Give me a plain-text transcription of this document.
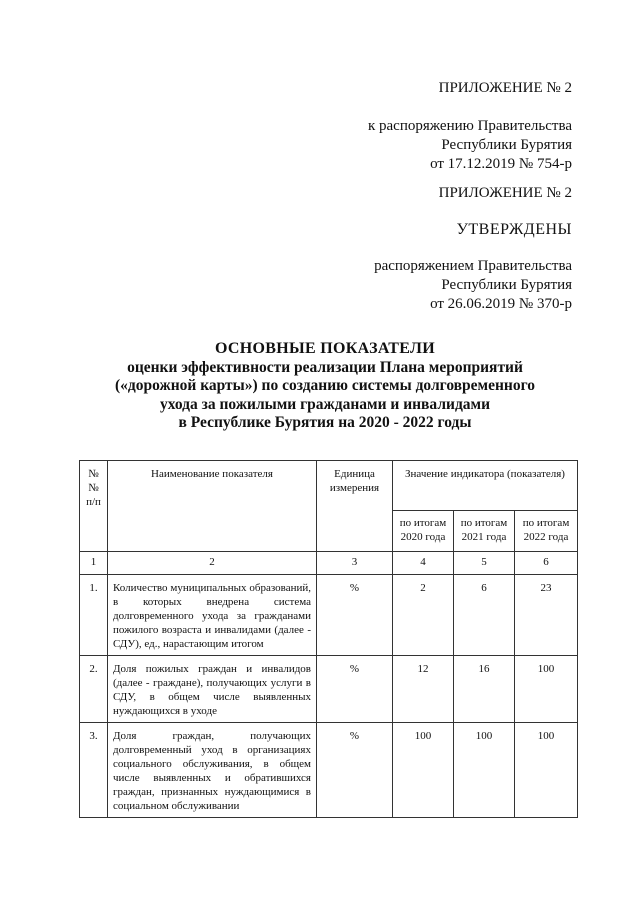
ПРИЛОЖЕНИЕ № 2
к распоряжению Правительства
Республики Бурятия
от 17.12.2019 № 754-р
ПРИЛОЖЕНИЕ № 2
УТВЕРЖДЕНЫ
распоряжением Правительства
Республики Бурятия
от 26.06.2019 № 370-р
ОСНОВНЫЕ ПОКАЗАТЕЛИ
оценки эффективности реализации Плана мероприятий
(«дорожной карты») по созданию системы долговременного
ухода за пожилыми гражданами и инвалидами
в Республике Бурятия на 2020 - 2022 годы
№№ п/п	Наименование показателя	Единица измерения	Значение индикатора (показателя)		
			по итогам 2020 года	по итогам 2021 года	по итогам 2022 года
1	2	3	4	5	6
1.	Количество муниципальных образований, в которых внедрена система долговременного ухода за гражданами пожилого возраста и инвалидами (далее - СДУ), ед., нарастающим итогом	%	2	6	23
2.	Доля пожилых граждан и инвалидов (далее - граждане), получающих услуги в СДУ, в общем числе выявленных нуждающихся в уходе	%	12	16	100
3.	Доля граждан, получающих долговременный уход в организациях социального обслуживания, в общем числе выявленных и обратившихся граждан, признанных нуждающимися в социальном обслуживании	%	100	100	100
